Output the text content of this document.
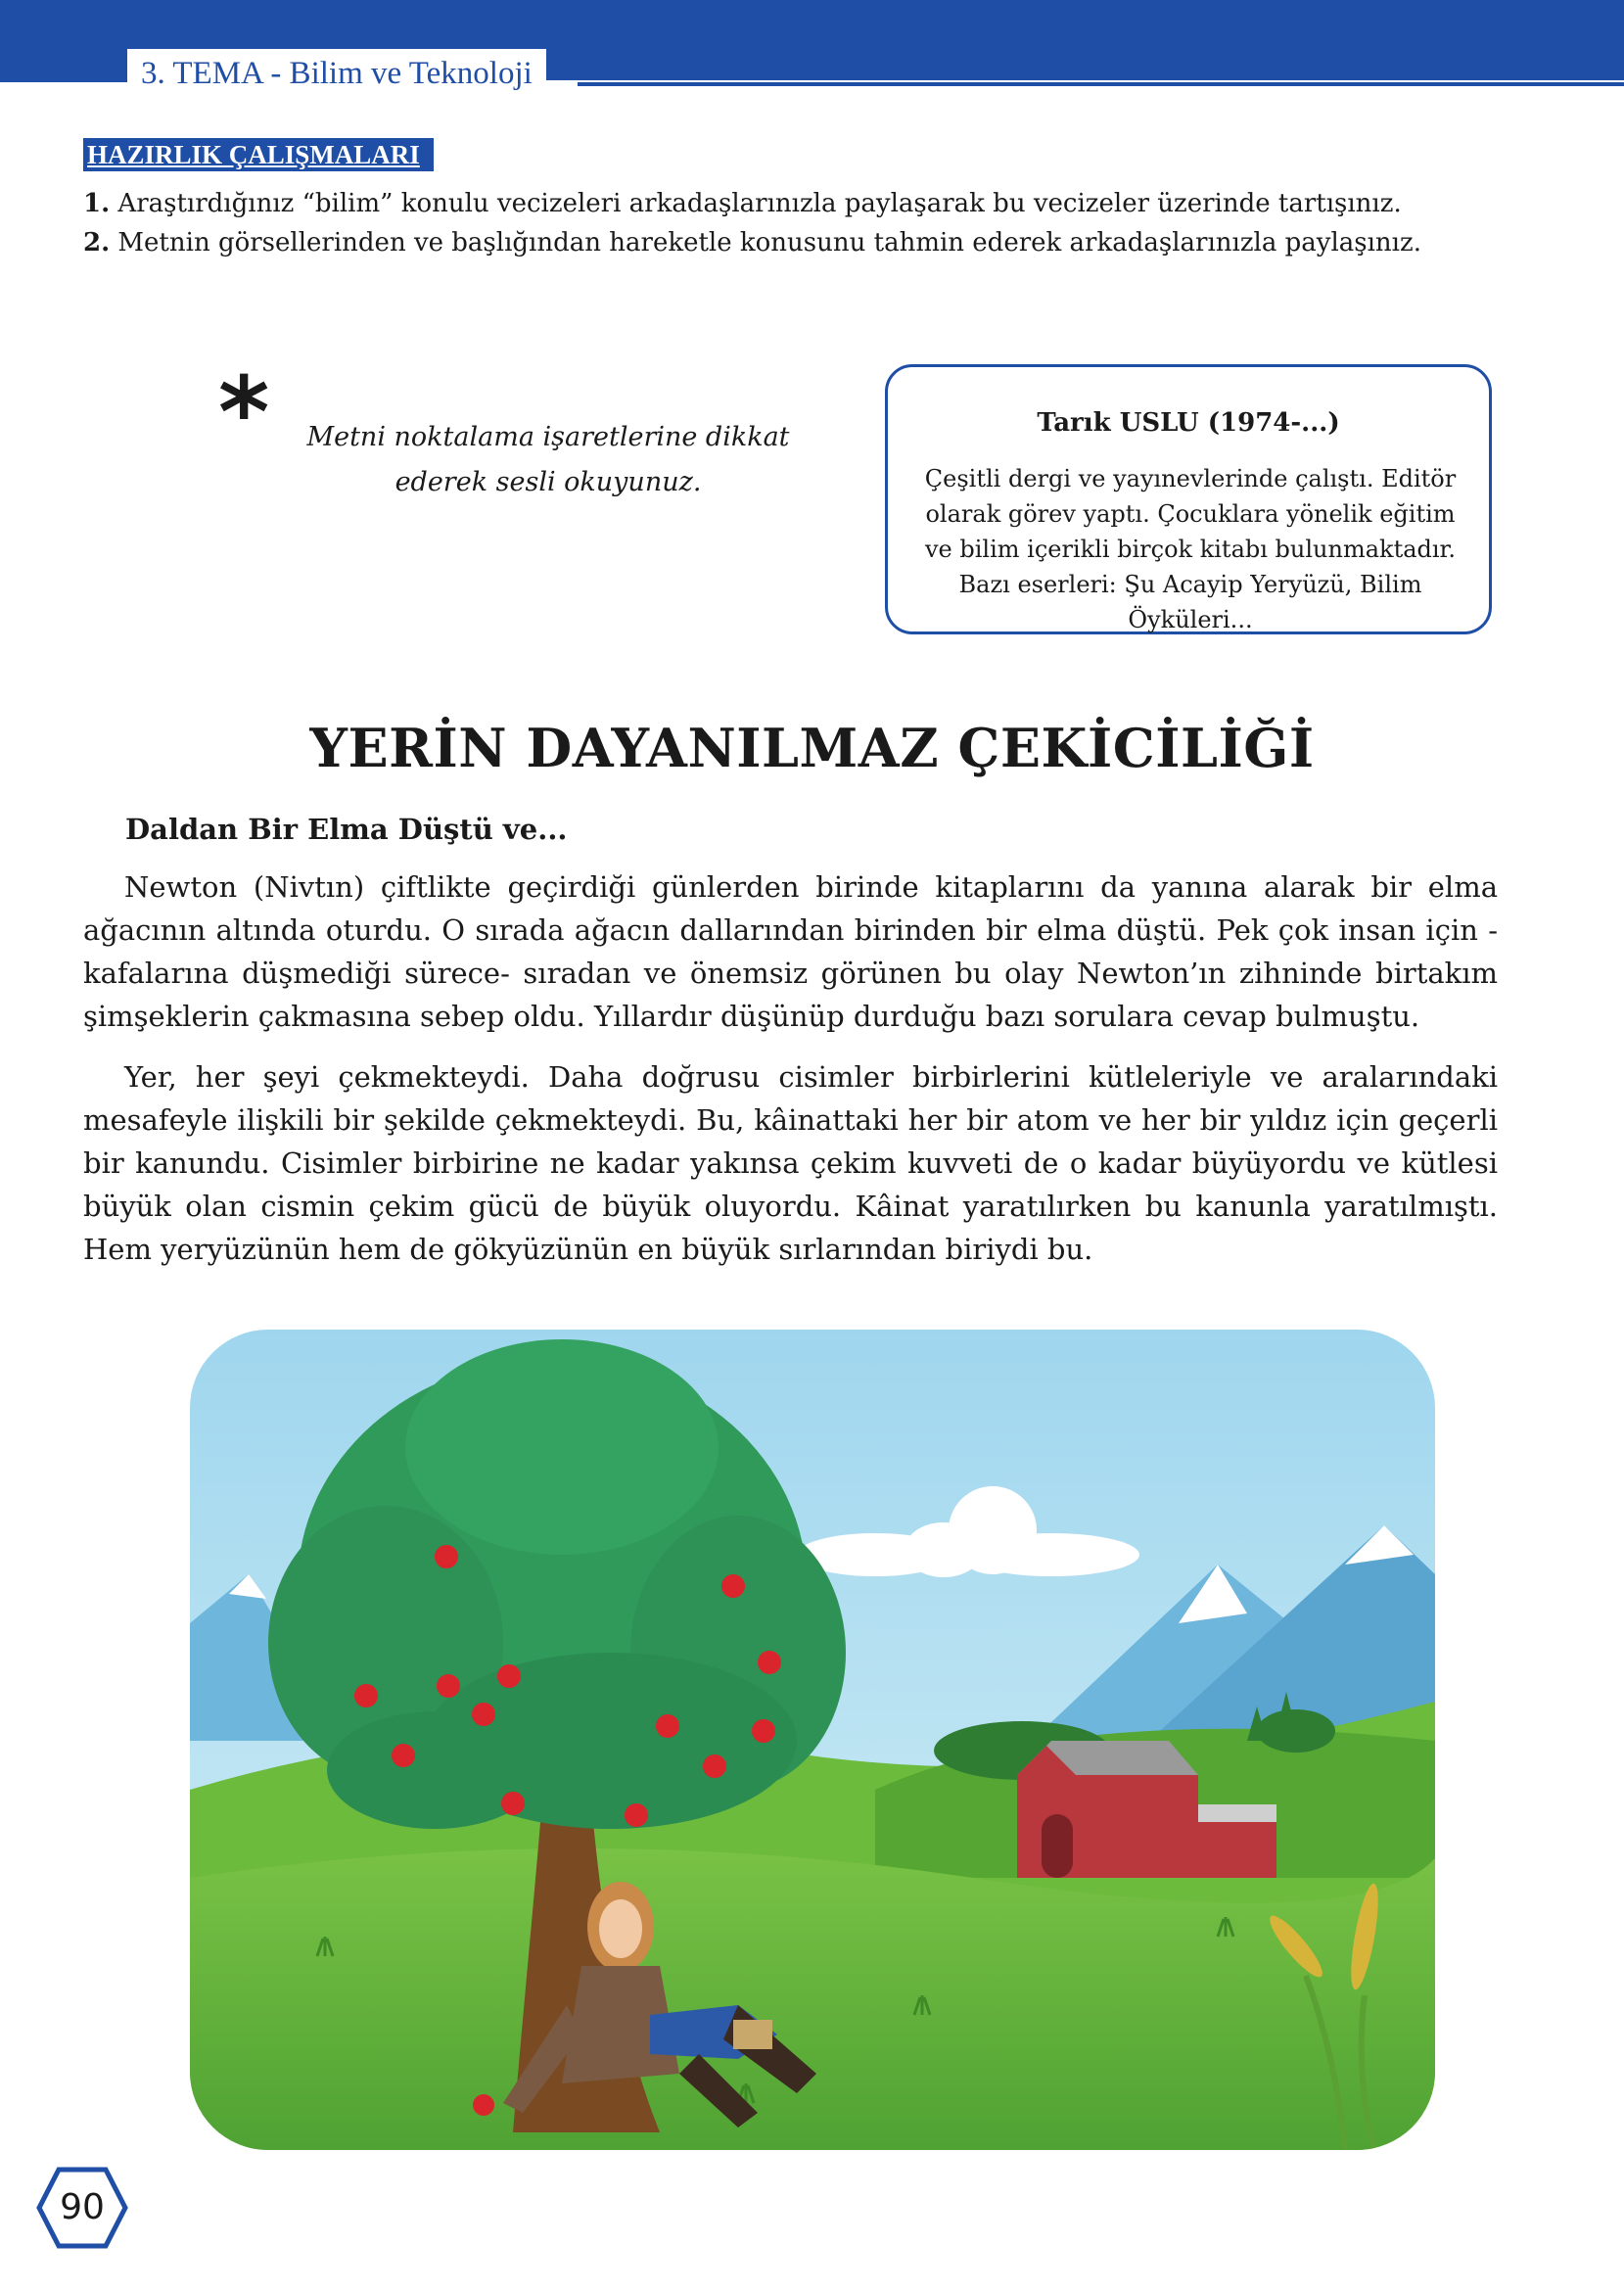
3. TEMA - Bilim ve Teknoloji
HAZIRLIK ÇALIŞMALARI
1. Araştırdığınız “bilim” konulu vecizeleri arkadaşlarınızla paylaşarak bu vecizeler üzerinde tartışınız.
2. Metnin görsellerinden ve başlığından hareketle konusunu tahmin ederek arkadaşlarınızla paylaşınız.
*	Metni noktalama işaretlerine dikkat
ederek sesli okuyunuz.
Tarık USLU (1974-...)
Çeşitli dergi ve yayınevlerinde çalıştı. Editör olarak görev yaptı. Çocuklara yönelik eğitim ve bilim içerikli birçok kitabı bulunmaktadır. Bazı eserleri: Şu Acayip Yeryüzü, Bilim Öyküleri...
YERİN DAYANILMAZ ÇEKİCİLİĞİ
Daldan Bir Elma Düştü ve...

Newton (Nivtın) çiftlikte geçirdiği günlerden birinde kitaplarını da yanına alarak bir elma ağacının altında oturdu. O sırada ağacın dallarından birinden bir elma düştü. Pek çok insan için -kafalarına düşmediği sürece- sıradan ve önemsiz görünen bu olay Newton’ın zihninde birtakım şimşeklerin çakmasına sebep oldu. Yıllardır düşünüp durduğu bazı sorulara cevap bulmuştu.

Yer, her şeyi çekmekteydi. Daha doğrusu cisimler birbirlerini kütleleriyle ve aralarındaki mesafeyle ilişkili bir şekilde çekmekteydi. Bu, kâinattaki her bir atom ve her bir yıldız için geçerli bir kanundu. Cisimler birbirine ne kadar yakınsa çekim kuvveti de o kadar büyüyordu ve kütlesi büyük olan cismin çekim gücü de büyük oluyordu. Kâinat yaratılırken bu kanunla yaratılmıştı. Hem yeryüzünün hem de gökyüzünün en büyük sırlarından biriydi bu.

90
